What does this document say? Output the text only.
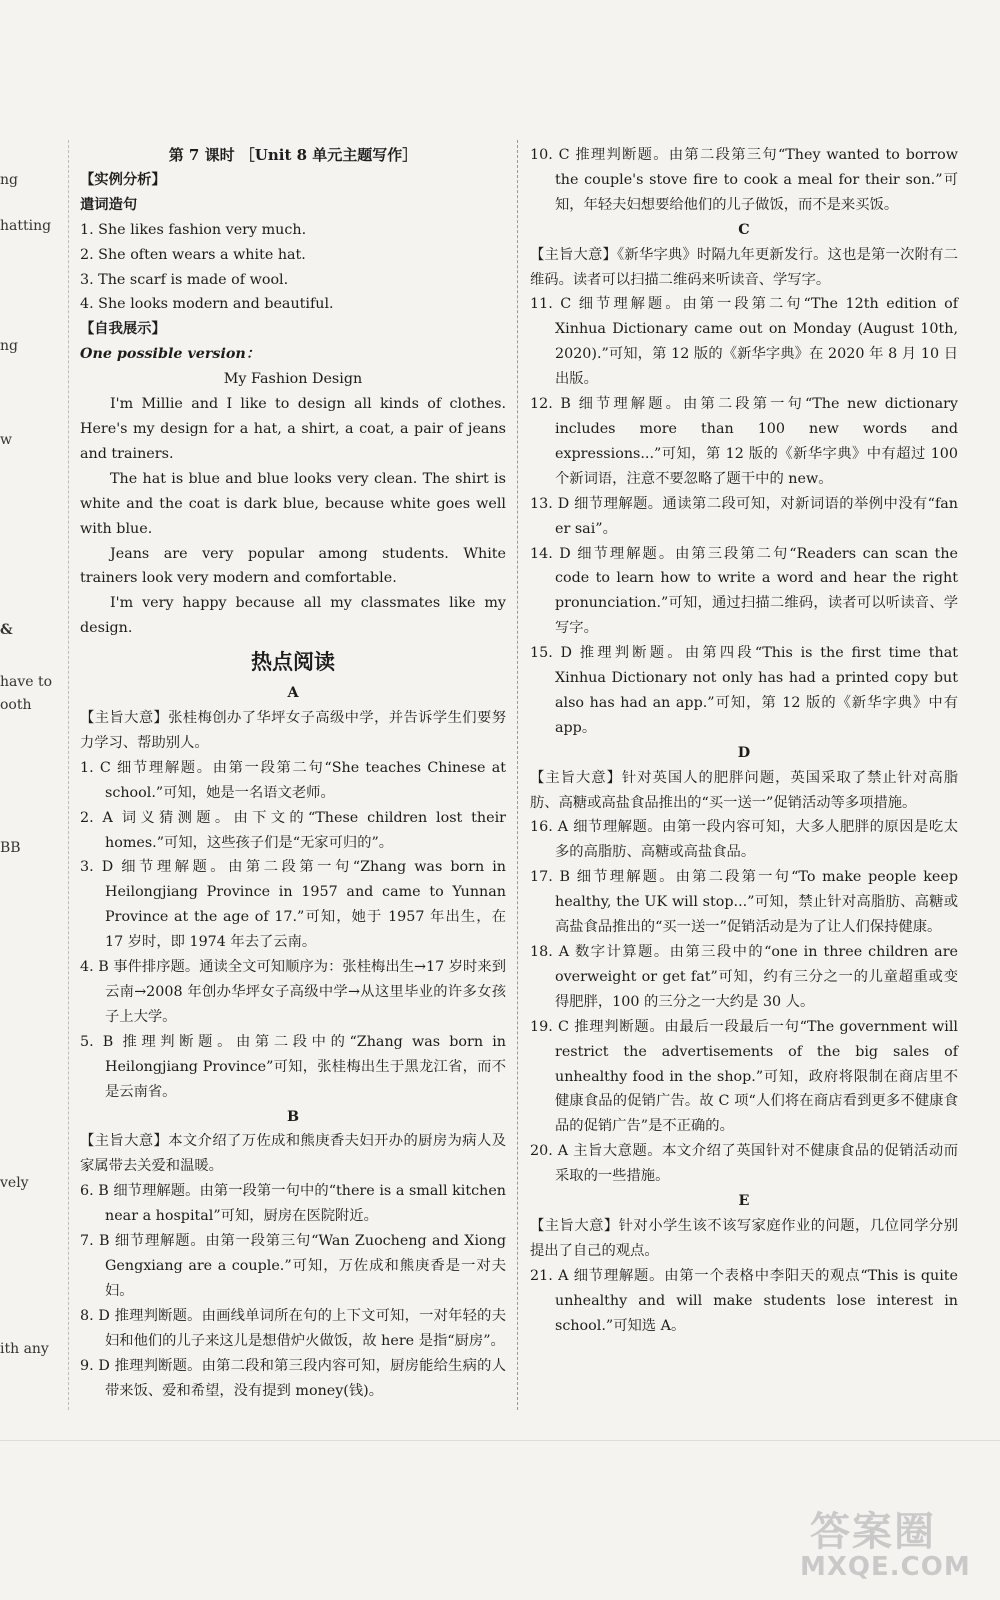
ng
hatting
ng
w
&
have to
ooth
BB
vely
ith any

第 7 课时 ［Unit 8 单元主题写作］

【实例分析】

遣词造句

1. She likes fashion very much.

2. She often wears a white hat.

3. The scarf is made of wool.

4. She looks modern and beautiful.

【自我展示】

One possible version：

My Fashion Design

I'm Millie and I like to design all kinds of clothes. Here's my design for a hat, a shirt, a coat, a pair of jeans and trainers.

The hat is blue and blue looks very clean. The shirt is white and the coat is dark blue, because white goes well with blue.

Jeans are very popular among students. White trainers look very modern and comfortable.

I'm very happy because all my classmates like my design.

热点阅读

A

【主旨大意】张桂梅创办了华坪女子高级中学，并告诉学生们要努力学习、帮助别人。

1. C 细节理解题。由第一段第二句“She teaches Chinese at school.”可知，她是一名语文老师。

2. A 词义猜测题。由下文的“These children lost their homes.”可知，这些孩子们是“无家可归的”。

3. D 细节理解题。由第二段第一句“Zhang was born in Heilongjiang Province in 1957 and came to Yunnan Province at the age of 17.”可知，她于 1957 年出生，在 17 岁时，即 1974 年去了云南。

4. B 事件排序题。通读全文可知顺序为：张桂梅出生→17 岁时来到云南→2008 年创办华坪女子高级中学→从这里毕业的许多女孩子上大学。

5. B 推理判断题。由第二段中的“Zhang was born in Heilongjiang Province”可知，张桂梅出生于黑龙江省，而不是云南省。

B

【主旨大意】本文介绍了万佐成和熊庚香夫妇开办的厨房为病人及家属带去关爱和温暖。

6. B 细节理解题。由第一段第一句中的“there is a small kitchen near a hospital”可知，厨房在医院附近。

7. B 细节理解题。由第一段第三句“Wan Zuocheng and Xiong Gengxiang are a couple.”可知，万佐成和熊庚香是一对夫妇。

8. D 推理判断题。由画线单词所在句的上下文可知，一对年轻的夫妇和他们的儿子来这儿是想借炉火做饭，故 here 是指“厨房”。

9. D 推理判断题。由第二段和第三段内容可知，厨房能给生病的人带来饭、爱和希望，没有提到 money(钱)。

10. C 推理判断题。由第二段第三句“They wanted to borrow the couple's stove fire to cook a meal for their son.”可知，年轻夫妇想要给他们的儿子做饭，而不是来买饭。

C

【主旨大意】《新华字典》时隔九年更新发行。这也是第一次附有二维码。读者可以扫描二维码来听读音、学写字。

11. C 细节理解题。由第一段第二句“The 12th edition of Xinhua Dictionary came out on Monday (August 10th, 2020).”可知，第 12 版的《新华字典》在 2020 年 8 月 10 日出版。

12. B 细节理解题。由第二段第一句“The new dictionary includes more than 100 new words and expressions...”可知，第 12 版的《新华字典》中有超过 100 个新词语，注意不要忽略了题干中的 new。

13. D 细节理解题。通读第二段可知，对新词语的举例中没有“fan er sai”。

14. D 细节理解题。由第三段第二句“Readers can scan the code to learn how to write a word and hear the right pronunciation.”可知，通过扫描二维码，读者可以听读音、学写字。

15. D 推理判断题。由第四段“This is the first time that Xinhua Dictionary not only has had a printed copy but also has had an app.”可知，第 12 版的《新华字典》中有 app。

D

【主旨大意】针对英国人的肥胖问题，英国采取了禁止针对高脂肪、高糖或高盐食品推出的“买一送一”促销活动等多项措施。

16. A 细节理解题。由第一段内容可知，大多人肥胖的原因是吃太多的高脂肪、高糖或高盐食品。

17. B 细节理解题。由第二段第一句“To make people keep healthy, the UK will stop...”可知，禁止针对高脂肪、高糖或高盐食品推出的“买一送一”促销活动是为了让人们保持健康。

18. A 数字计算题。由第三段中的“one in three children are overweight or get fat”可知，约有三分之一的儿童超重或变得肥胖，100 的三分之一大约是 30 人。

19. C 推理判断题。由最后一段最后一句“The government will restrict the advertisements of the big sales of unhealthy food in the shop.”可知，政府将限制在商店里不健康食品的促销广告。故 C 项“人们将在商店看到更多不健康食品的促销广告”是不正确的。

20. A 主旨大意题。本文介绍了英国针对不健康食品的促销活动而采取的一些措施。

E

【主旨大意】针对小学生该不该写家庭作业的问题，几位同学分别提出了自己的观点。

21. A 细节理解题。由第一个表格中李阳天的观点“This is quite unhealthy and will make students lose interest in school.”可知选 A。

答案圈
MXQE.COM
